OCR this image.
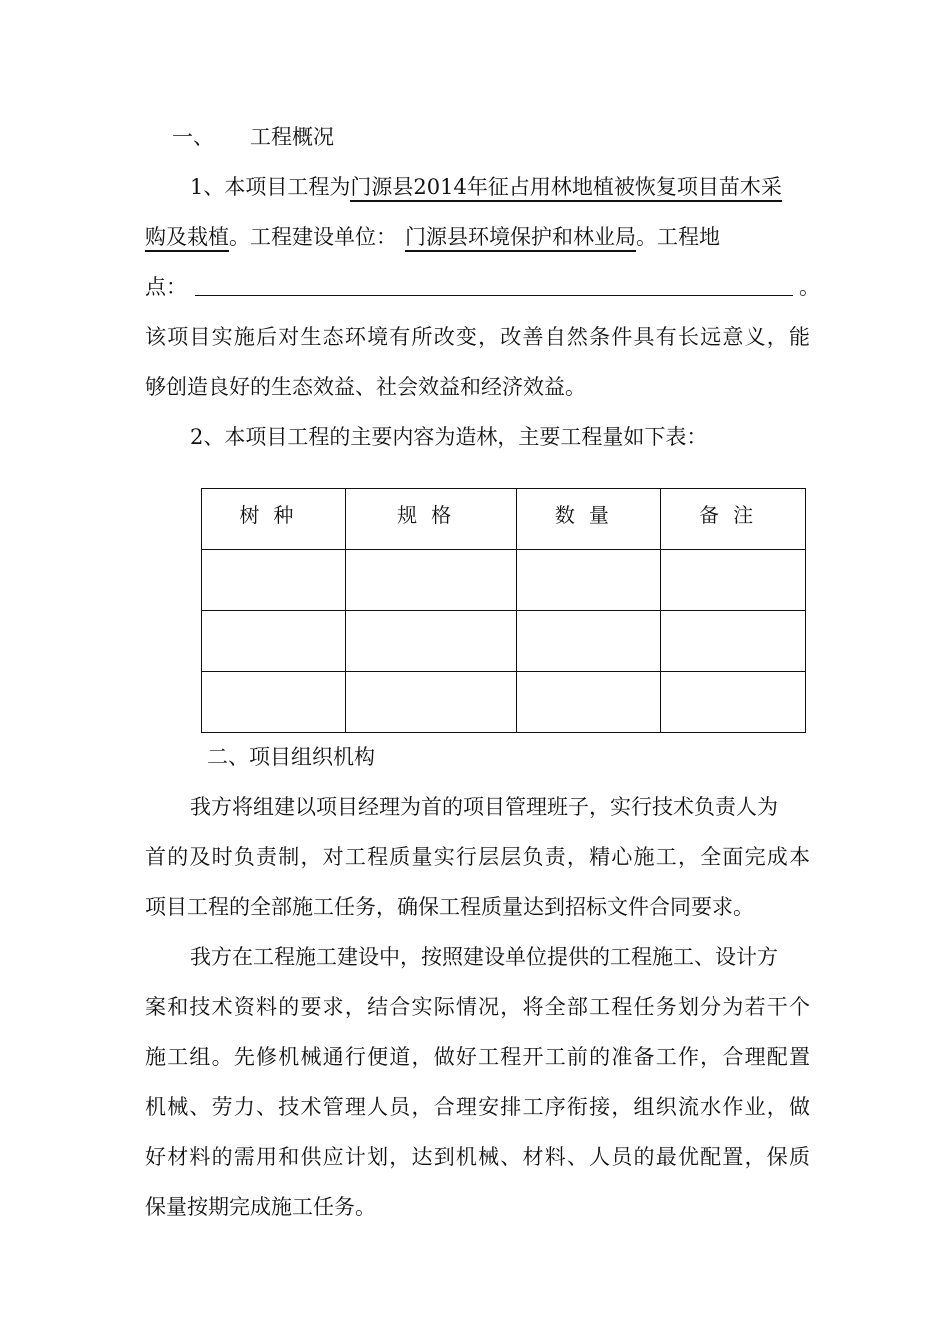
一、 工程概况
1、本项目工程为门源县2014年征占用林地植被恢复项目苗木采
购及栽植。工程建设单位： 门源县环境保护和林业局。工程地
点：	。
该项目实施后对生态环境有所改变，改善自然条件具有长远意义，能
够创造良好的生态效益、社会效益和经济效益。
2、本项目工程的主要内容为造林，主要工程量如下表：
树种	规格	数量	备注

二、项目组织机构
我方将组建以项目经理为首的项目管理班子，实行技术负责人为
首的及时负责制，对工程质量实行层层负责，精心施工，全面完成本
项目工程的全部施工任务，确保工程质量达到招标文件合同要求。
我方在工程施工建设中，按照建设单位提供的工程施工、设计方
案和技术资料的要求，结合实际情况，将全部工程任务划分为若干个
施工组。先修机械通行便道，做好工程开工前的准备工作，合理配置
机械、劳力、技术管理人员，合理安排工序衔接，组织流水作业，做
好材料的需用和供应计划，达到机械、材料、人员的最优配置，保质
保量按期完成施工任务。
